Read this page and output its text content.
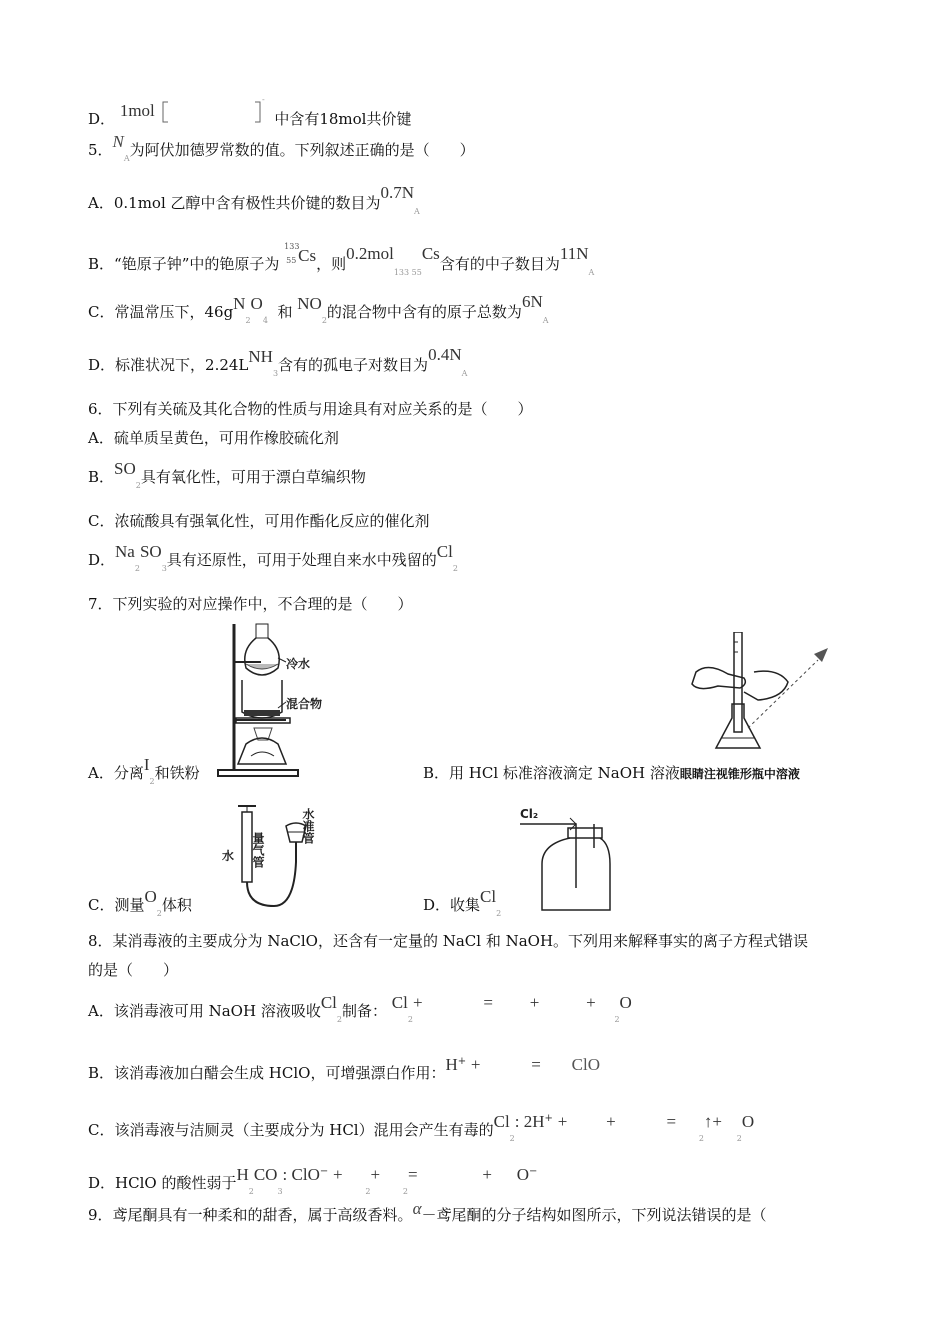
D． 1mol
-
中含有18mol共价键
5．$N_A$为阿伏加德罗常数的值。下列叙述正确的是（　　）
A．0.1mol 乙醇中含有极性共价键的数目为$0.7N_A$
B．“铯原子钟”中的铯原子为
133
55 Cs，则0.2mol$_{133 55}$Cs含有的中子数目为$11N_A$
C．常温常压下，$46gN_2O_4$ 和 $NO_2$的混合物中含有的原子总数为$6N_A$
D．标准状况下，$2.24LNH_3$含有的孤电子对数目为$0.4N_A$
6．下列有关硫及其化合物的性质与用途具有对应关系的是（　　）
A．硫单质呈黄色，可用作橡胶硫化剂
B．$SO_2$具有氧化性，可用于漂白草编织物
C．浓硫酸具有强氧化性，可用作酯化反应的催化剂
D．$Na_2SO_3$具有还原性，可用于处理自来水中残留的$Cl_2$
7．下列实验的对应操作中，不合理的是（　　）
冷水
混合物
A．分离$I_2$和铁粉	B．用 HCl 标准溶液滴定 NaOH 溶液眼睛注视锥形瓶中溶液
水 量气管
水准管
C．测量$O_2$体积
Cl₂
D．收集$Cl_2$
8．某消毒液的主要成分为 NaClO，还含有一定量的 NaCl 和 NaOH。下列用来解释事实的离子方程式错误
的是（　　）
A．该消毒液可用 NaOH 溶液吸收$Cl_2$制备： $Cl_2+$	= +	+ $_2$O
B．该消毒液加白醋会生成 HClO，可增强漂白作用：H+ +	= ClO
C．该消毒液与洁厕灵（主要成分为 HCl）混用会产生有毒的$Cl_2$: 2H+ + +	= $_2$↑+ $_2$O
D．HClO 的酸性弱于$H_2CO_3$: ClO− + $_2$+ $_2$=	+ O−
9．鸢尾酮具有一种柔和的甜香，属于高级香料。α－鸢尾酮的分子结构如图所示，下列说法错误的是（
